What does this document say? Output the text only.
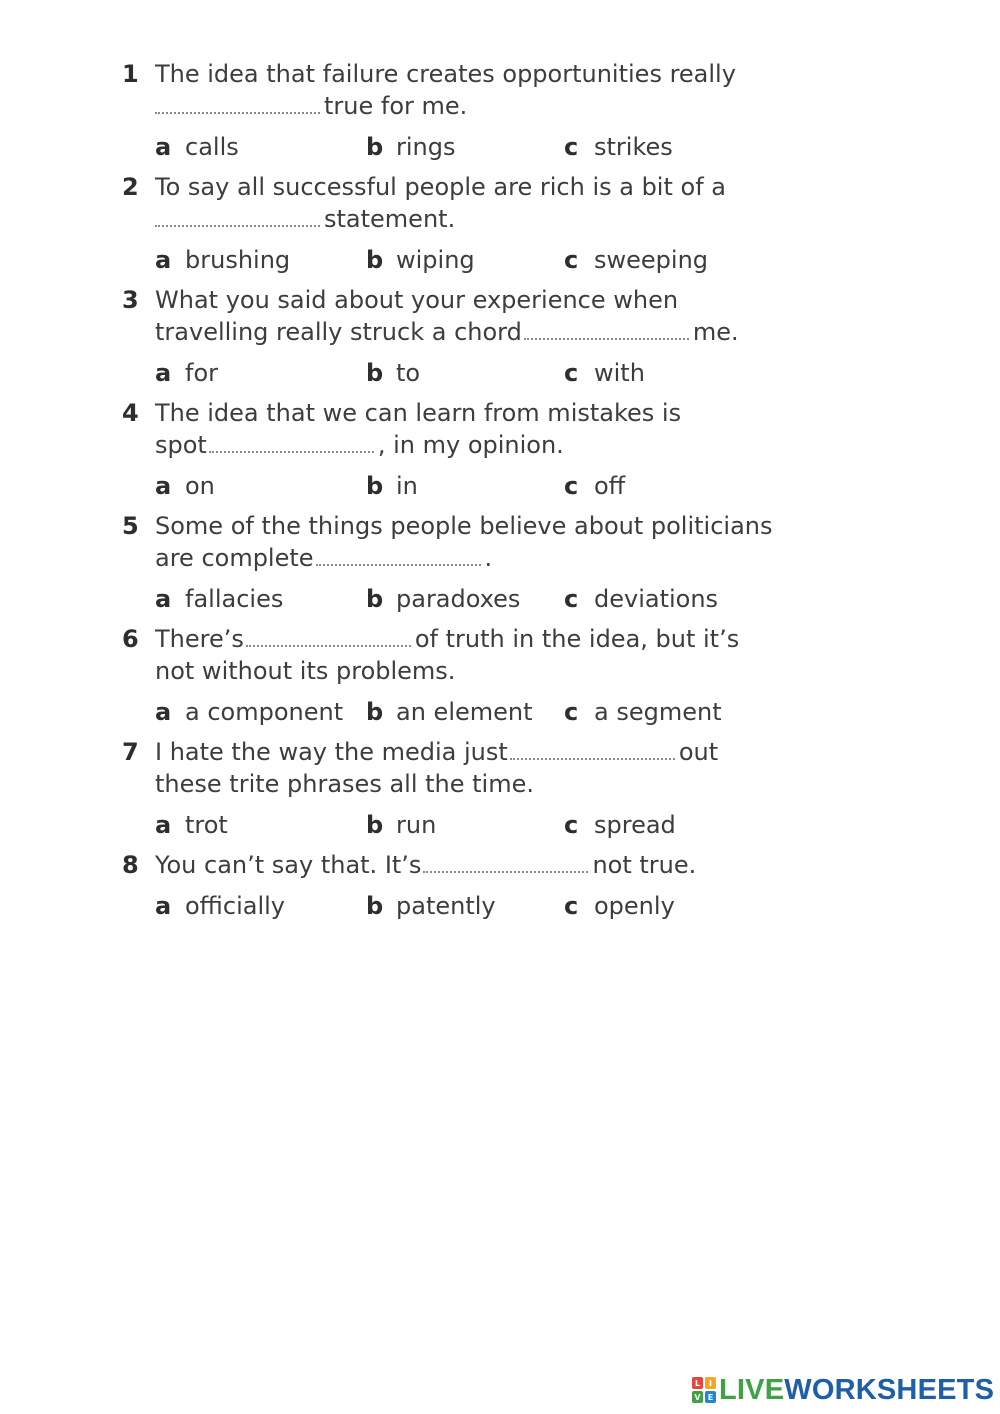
1 The idea that failure creates opportunities really
true for me.
a calls	b rings	c strikes
2 To say all successful people are rich is a bit of a
statement.
a brushing	b wiping	c sweeping
3 What you said about your experience when
travelling really struck a chord	me.
a for	b to	c with
4 The idea that we can learn from mistakes is
spot	, in my opinion.
a on	b in	c off
5 Some of the things people believe about politicians
are complete	.
a fallacies	b paradoxes c deviations
6 There’s	of truth in the idea, but it’s
not without its problems.
a a component b an element c a segment
7 I hate the way the media just	out
these trite phrases all the time.
a trot	b run	c spread
8 You can’t say that. It’s	not true.
a officially	b patently	c openly
L	I
V E LIVEWORKSHEETS
